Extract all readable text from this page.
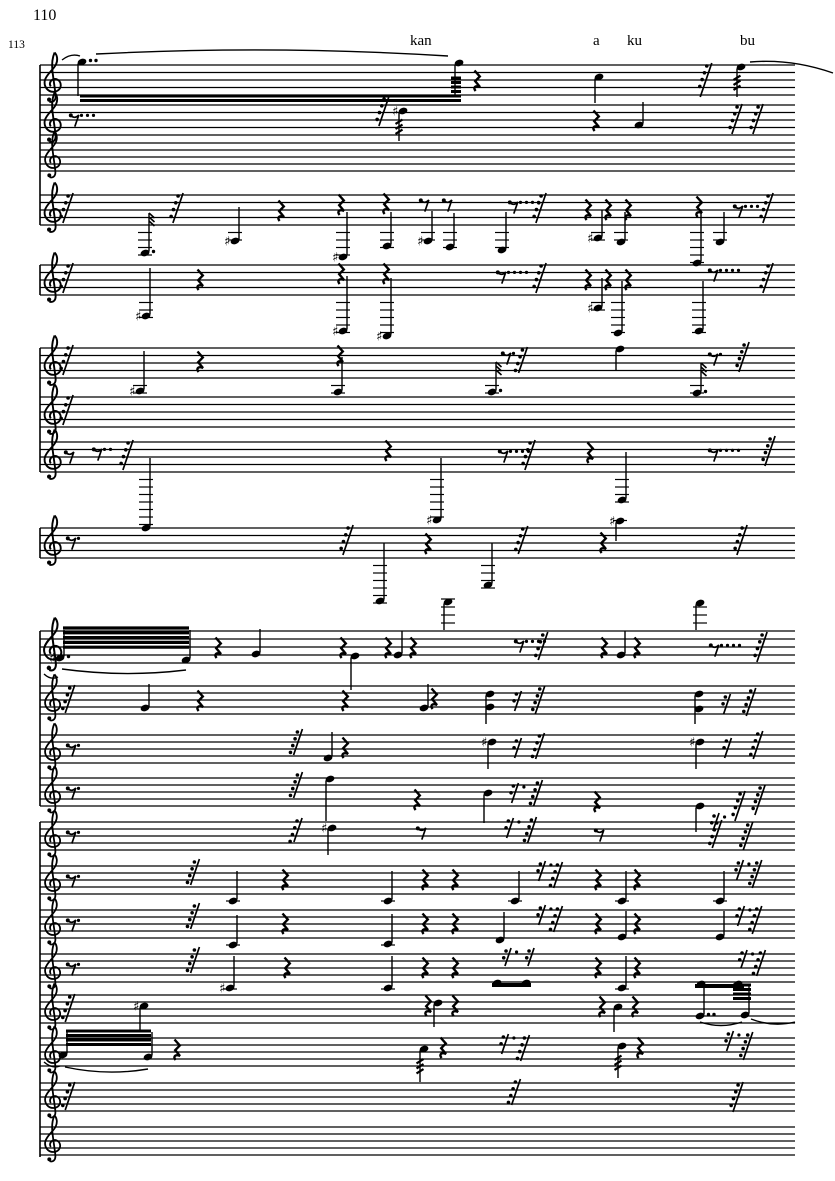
110
113
♯
♯
♯
♯	♯
♯
♯	♯
♯
♯
♯	♯
♯
♯	♯
♯
♯
♯
kan	a ku	bu
